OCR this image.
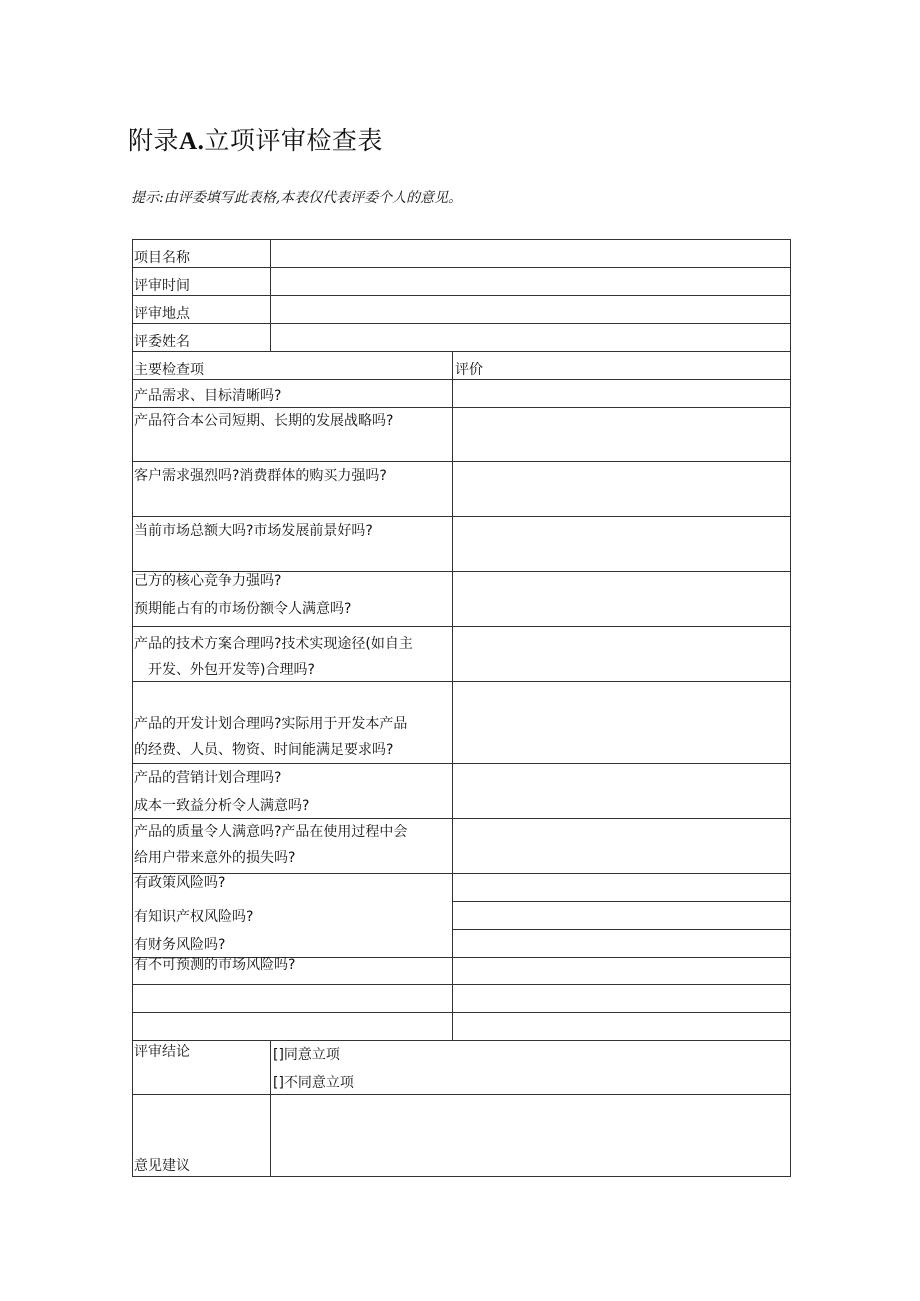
附录A.立项评审检查表
提示:由评委填写此表格,本表仅代表评委个人的意见。
项目名称
评审时间
评审地点
评委姓名
主要检查项	评价
产品需求、目标清晰吗?
产品符合本公司短期、长期的发展战略吗?
客户需求强烈吗?消费群体的购买力强吗?
当前市场总额大吗?市场发展前景好吗?
己方的核心竞争力强吗?
预期能占有的市场份额令人满意吗?
产品的技术方案合理吗?技术实现途径(如自主
开发、外包开发等)合理吗?
产品的开发计划合理吗?实际用于开发本产品
的经费、人员、物资、时间能满足要求吗?
产品的营销计划合理吗?
成本一致益分析令人满意吗?
产品的质量令人满意吗?产品在使用过程中会
给用户带来意外的损失吗?
有政策风险吗?
有知识产权风险吗?
有财务风险吗?
有不可预测的市场风险吗?
评审结论	[]同意立项
[]不同意立项
意见建议
